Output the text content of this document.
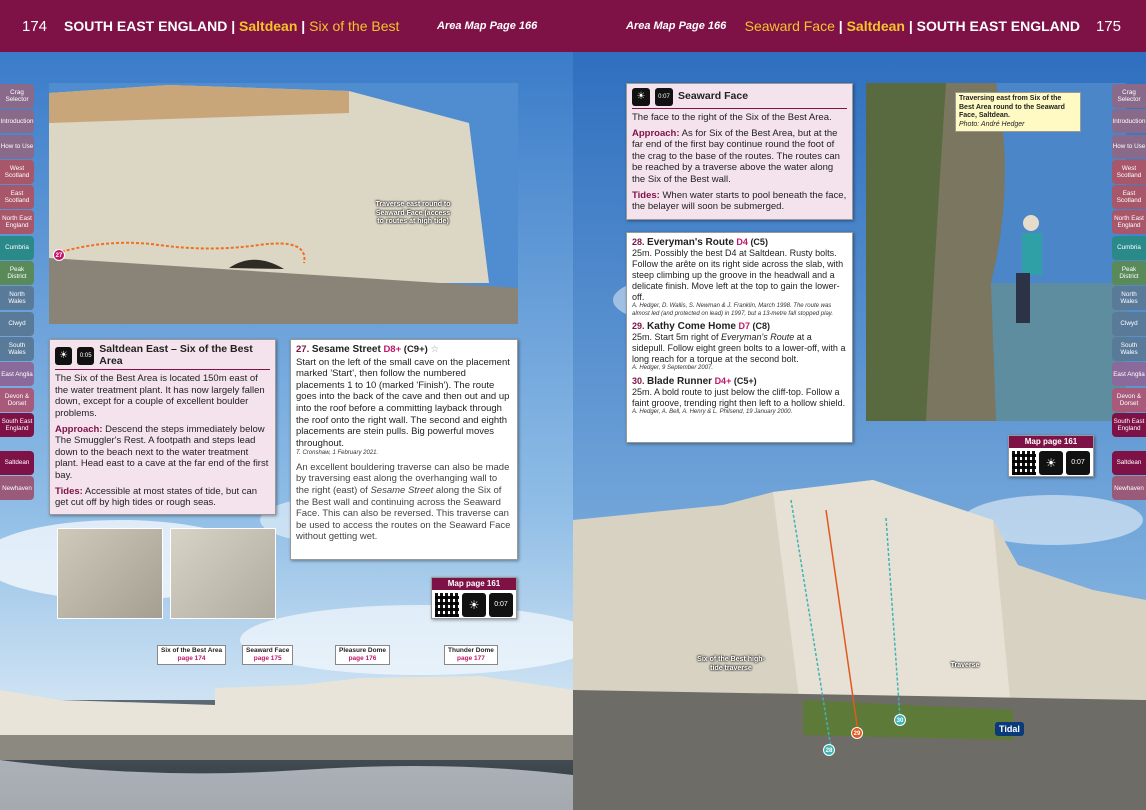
Traverse east round to Seaward Face (access to routes at high tide)
27
174 SOUTH EAST ENGLAND | Saltdean | Six of the Best	Area Map Page 166
Crag Selector
Introduction
How to Use
West Scotland
East Scotland
North East England
Cumbria
Peak District
North Wales
Clwyd
South Wales
East Anglia
Devon & Dorset
South East England
Saltdean
Newhaven
☀	0:05
Saltdean East – Six of the Best Area

The Six of the Best Area is located 150m east of the water treatment plant. It has now largely fallen down, except for a couple of excellent boulder problems.

Approach: Descend the steps immediately below The Smuggler's Rest. A footpath and steps lead down to the beach next to the water treatment plant. Head east to a cave at the far end of the first bay.

Tides: Accessible at most states of tide, but can get cut off by high tides or rough seas.

27. Sesame Street D8+ (C9+) ☆

Start on the left of the small cave on the placement marked 'Start', then follow the numbered placements 1 to 10 (marked 'Finish'). The route goes into the back of the cave and then out and up into the roof before a committing layback through the roof onto the right wall. The second and eighth placements are stein pulls. Big powerful moves throughout.

T. Cronshaw, 1 February 2021.

An excellent bouldering traverse can also be made by traversing east along the overhanging wall to the right (east) of Sesame Street along the Six of the Best wall and continuing across the Seaward Face. This can also be reversed. This traverse can be used to access the routes on the Seaward Face without getting wet.

Map page 161
☀	0:07
Six of the Best Area
page 174
Seaward Face
page 175
Pleasure Dome
page 176
Thunder Dome
page 177
Traversing east from Six of the Best Area round to the Seaward Face, Saltdean.
Photo: André Hedger
Area Map Page 166 Seaward Face | Saltdean | SOUTH EAST ENGLAND 175
Crag Selector
Introduction
How to Use
West Scotland
East Scotland
North East England
Cumbria
Peak District
North Wales
Clwyd
South Wales
East Anglia
Devon & Dorset
South East England
Saltdean
Newhaven
☀	0:07 Seaward Face

The face to the right of the Six of the Best Area.

Approach: As for Six of the Best Area, but at the far end of the first bay continue round the foot of the crag to the base of the routes. The routes can be reached by a traverse above the water along the Six of the Best wall.

Tides: When water starts to pool beneath the face, the belayer will soon be submerged.

28. Everyman's Route D4 (C5)
25m. Possibly the best D4 at Saltdean. Rusty bolts. Follow the arête on its right side across the slab, with steep climbing up the groove in the headwall and a delicate finish. Move left at the top to gain the lower-off.
A. Hedger, D. Wallis, S. Newman & J. Franklin, March 1998. The route was almost led (and protected on lead) in 1997, but a 13-metre fall stopped play.
29. Kathy Come Home D7 (C8)
25m. Start 5m right of Everyman's Route at a sidepull. Follow eight green bolts to a lower-off, with a long reach for a torque at the second bolt.
A. Hedger, 9 September 2007.
30. Blade Runner D4+ (C5+)
25m. A bold route to just below the cliff-top. Follow a faint groove, trending right then left to a hollow shield.
A. Hedger, A. Bell, A. Henry & L. Philsend, 19 January 2000.
Map page 161
☀	0:07
Six of the Best high-tide traverse	Traverse
28
29
30
Tidal
